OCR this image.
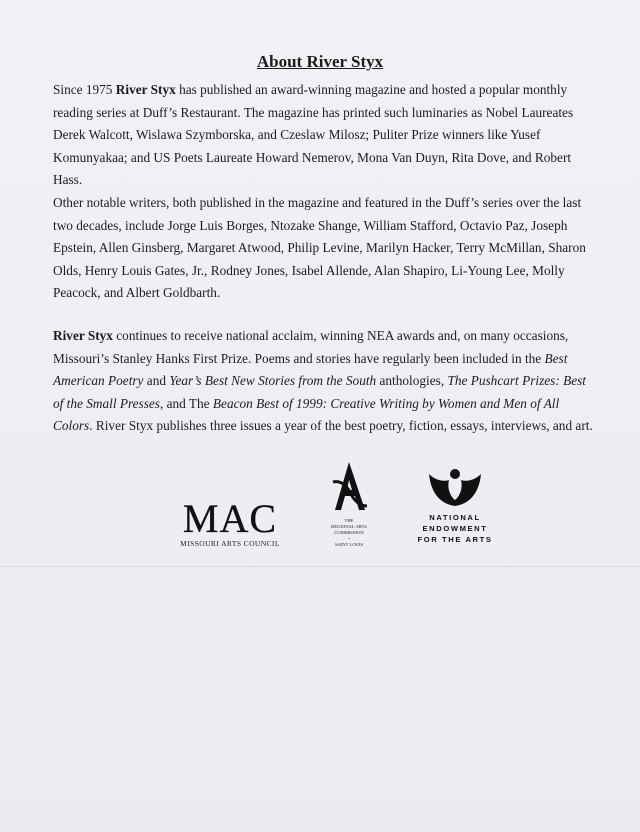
About River Styx
Since 1975 River Styx has published an award-winning magazine and hosted a popular monthly reading series at Duff’s Restaurant. The magazine has printed such luminaries as Nobel Laureates Derek Walcott, Wislawa Szymborska, and Czeslaw Milosz; Puliter Prize winners like Yusef Komunyakaa; and US Poets Laureate Howard Nemerov, Mona Van Duyn, Rita Dove, and Robert Hass.
Other notable writers, both published in the magazine and featured in the Duff’s series over the last two decades, include Jorge Luis Borges, Ntozake Shange, William Stafford, Octavio Paz, Joseph Epstein, Allen Ginsberg, Margaret Atwood, Philip Levine, Marilyn Hacker, Terry McMillan, Sharon Olds, Henry Louis Gates, Jr., Rodney Jones, Isabel Allende, Alan Shapiro, Li-Young Lee, Molly Peacock, and Albert Goldbarth.
River Styx continues to receive national acclaim, winning NEA awards and, on many occasions, Missouri’s Stanley Hanks First Prize. Poems and stories have regularly been included in the Best American Poetry and Year’s Best New Stories from the South anthologies, The Pushcart Prizes: Best of the Small Presses, and The Beacon Best of 1999: Creative Writing by Women and Men of All Colors. River Styx publishes three issues a year of the best poetry, fiction, essays, interviews, and art.
MAC
MISSOURI ARTS COUNCIL
THE
REGIONAL ARTS
COMMISSION
•
SAINT LOUIS
NATIONAL
ENDOWMENT
FOR THE ARTS
